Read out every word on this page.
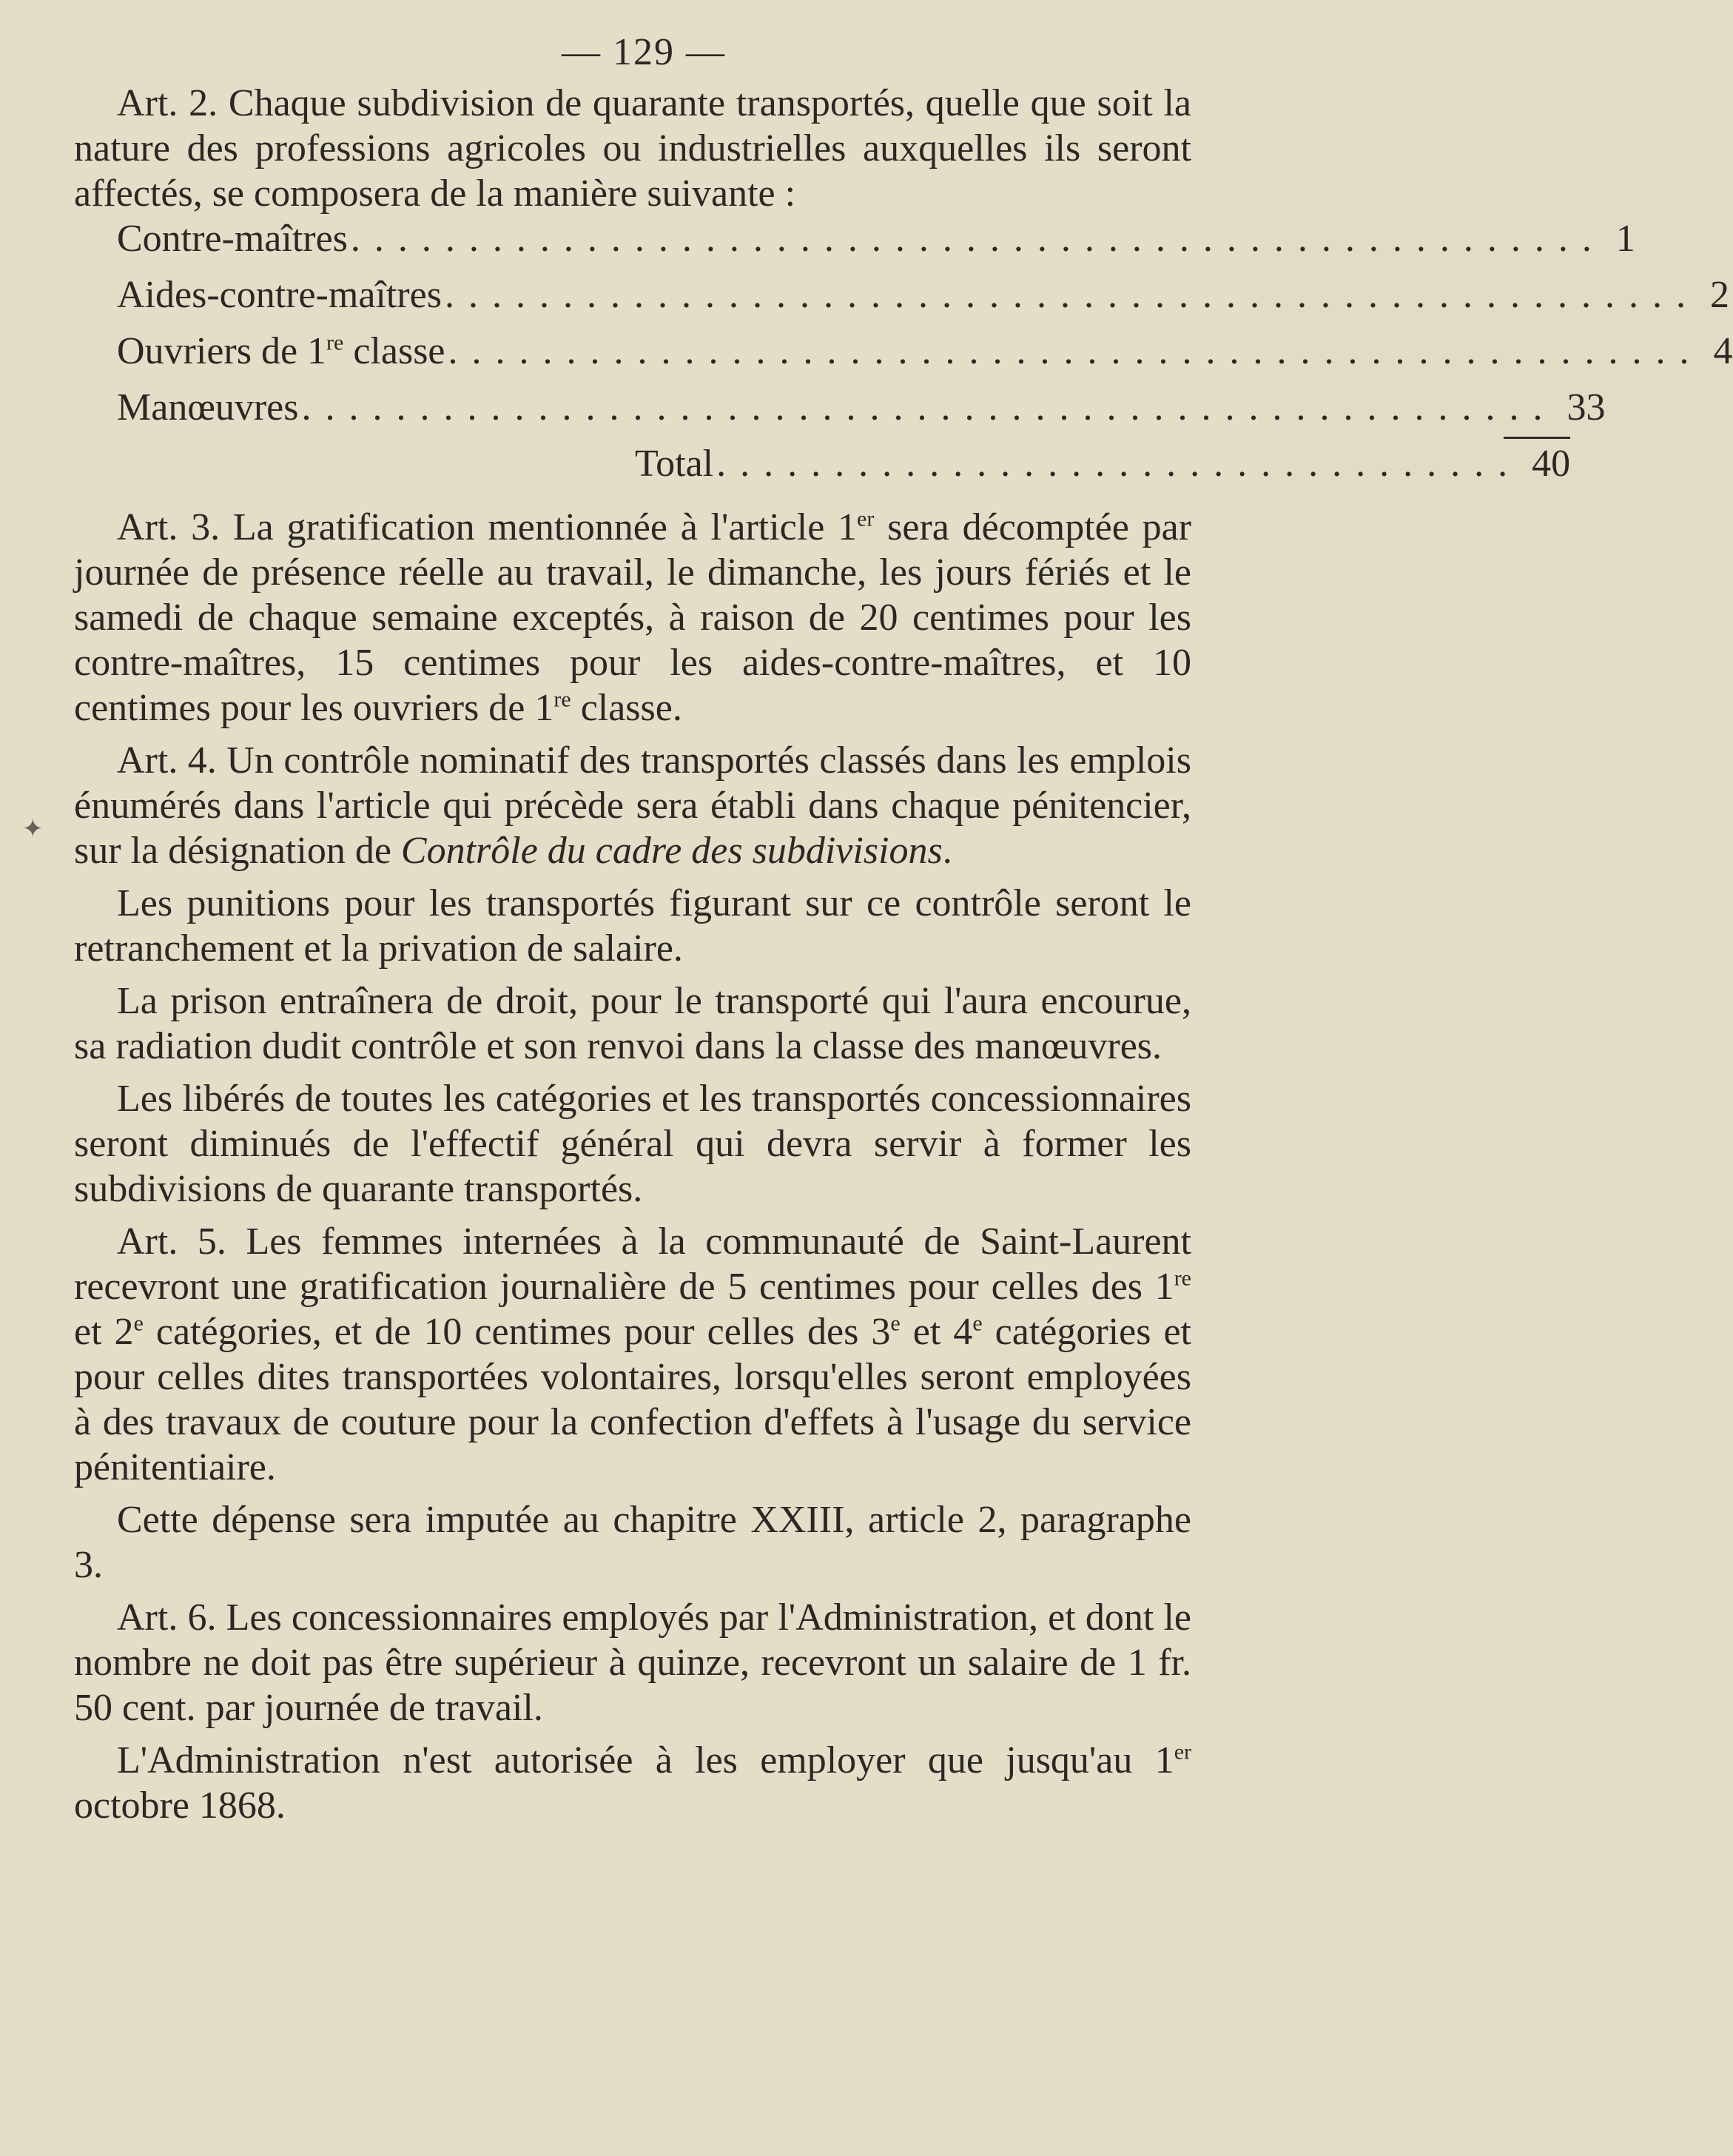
✦
— 129 —

Art. 2. Chaque subdivision de quarante transportés, quelle que soit la nature des professions agricoles ou industrielles auxquelles ils seront affectés, se composera de la manière suivante :

Contre-maîtres . . . . . . . . . . . . . . . . . . . . . . . . . . . . . . . . . . . . . . . . . . . . . . . . . . . . . 1
Aides-contre-maîtres . . . . . . . . . . . . . . . . . . . . . . . . . . . . . . . . . . . . . . . . . . . . . . . . . . . . . 2
Ouvriers de 1re classe . . . . . . . . . . . . . . . . . . . . . . . . . . . . . . . . . . . . . . . . . . . . . . . . . . . . . 4
Manœuvres . . . . . . . . . . . . . . . . . . . . . . . . . . . . . . . . . . . . . . . . . . . . . . . . . . . . . 33
Total . . . . . . . . . . . . . . . . . . . . . . . . . . . . . . . . . . 40

Art. 3. La gratification mentionnée à l'article 1er sera décomptée par journée de présence réelle au travail, le dimanche, les jours fériés et le samedi de chaque semaine exceptés, à raison de 20 centimes pour les contre-maîtres, 15 centimes pour les aides-contre-maîtres, et 10 centimes pour les ouvriers de 1re classe.

Art. 4. Un contrôle nominatif des transportés classés dans les emplois énumérés dans l'article qui précède sera établi dans chaque pénitencier, sur la désignation de Contrôle du cadre des subdivisions.

Les punitions pour les transportés figurant sur ce contrôle seront le retranchement et la privation de salaire.

La prison entraînera de droit, pour le transporté qui l'aura encourue, sa radiation dudit contrôle et son renvoi dans la classe des manœuvres.

Les libérés de toutes les catégories et les transportés concessionnaires seront diminués de l'effectif général qui devra servir à former les subdivisions de quarante transportés.

Art. 5. Les femmes internées à la communauté de Saint-Laurent recevront une gratification journalière de 5 centimes pour celles des 1re et 2e catégories, et de 10 centimes pour celles des 3e et 4e catégories et pour celles dites transportées volontaires, lorsqu'elles seront employées à des travaux de couture pour la confection d'effets à l'usage du service pénitentiaire.

Cette dépense sera imputée au chapitre XXIII, article 2, paragraphe 3.

Art. 6. Les concessionnaires employés par l'Administration, et dont le nombre ne doit pas être supérieur à quinze, recevront un salaire de 1 fr. 50 cent. par journée de travail.

L'Administration n'est autorisée à les employer que jusqu'au 1er octobre 1868.
